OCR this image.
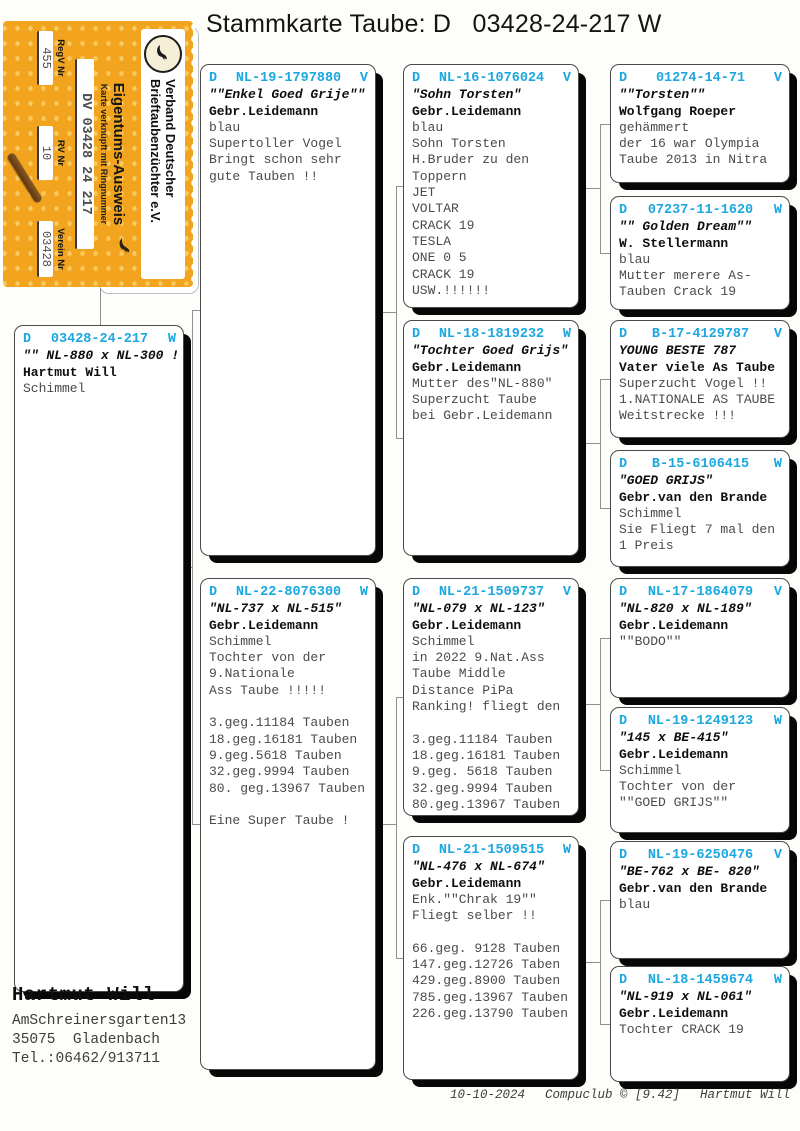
Stammkarte Taube: D   03428-24-217 W
Verband Deutscher
Brieftaubenzüchter e.V.
Eigentums-Ausweis
Karte verknüpft mit Ringnummer
DV 03428 24 217
RegV Nr
455
RV Nr
10
Verein Nr
03428
D 03428-24-217 W
"" NL-880 x NL-300 !
Hartmut Will
Schimmel
D NL-19-1797880 V
""Enkel Goed Grije""
Gebr.Leidemann
blau
Supertoller Vogel
Bringt schon sehr
gute Tauben !!
D NL-22-8076300 W
"NL-737 x NL-515"
Gebr.Leidemann
Schimmel
Tochter von der
9.Nationale
Ass Taube !!!!!

3.geg.11184 Tauben
18.geg.16181 Tauben
9.geg.5618 Tauben
32.geg.9994 Tauben
80. geg.13967 Tauben

Eine Super Taube !
D NL-16-1076024 V
"Sohn Torsten"
Gebr.Leidemann
blau
Sohn Torsten
H.Bruder zu den
Toppern
JET
VOLTAR
CRACK 19
TESLA
ONE 0 5
CRACK 19
USW.!!!!!!
D NL-18-1819232 W
"Tochter Goed Grijs"
Gebr.Leidemann
Mutter des"NL-880"
Superzucht Taube
bei Gebr.Leidemann
D NL-21-1509737 V
"NL-079 x NL-123"
Gebr.Leidemann
Schimmel
in 2022 9.Nat.Ass
Taube Middle
Distance PiPa
Ranking! fliegt den

3.geg.11184 Tauben
18.geg.16181 Tauben
9.geg. 5618 Tauben
32.geg.9994 Tauben
80.geg.13967 Tauben
D NL-21-1509515 W
"NL-476 x NL-674"
Gebr.Leidemann
Enk.""Chrak 19""
Fliegt selber !!

66.geg. 9128 Tauben
147.geg.12726 Taben
429.geg.8900 Tauben
785.geg.13967 Tauben
226.geg.13790 Tauben
D 01274-14-71 V
""Torsten""
Wolfgang Roeper
gehämmert
der 16 war Olympia
Taube 2013 in Nitra
D 07237-11-1620 W
"" Golden Dream""
W. Stellermann
blau
Mutter merere As-
Tauben Crack 19
D B-17-4129787 V
YOUNG BESTE 787
Vater viele As Taube
Superzucht Vogel !!
1.NATIONALE AS TAUBE
Weitstrecke !!!
D B-15-6106415 W
"GOED GRIJS"
Gebr.van den Brande
Schimmel
Sie Fliegt 7 mal den
1 Preis
D NL-17-1864079 V
"NL-820 x NL-189"
Gebr.Leidemann
""BODO""
D NL-19-1249123 W
"145 x BE-415"
Gebr.Leidemann
Schimmel
Tochter von der
""GOED GRIJS""
D NL-19-6250476 V
"BE-762 x BE- 820"
Gebr.van den Brande
blau
D NL-18-1459674 W
"NL-919 x NL-061"
Gebr.Leidemann
Tochter CRACK 19
Hartmut Will
AmSchreinersgarten13
35075  Gladenbach
Tel.:06462/913711
10-10-2024 Compuclub © [9.42] Hartmut Will
